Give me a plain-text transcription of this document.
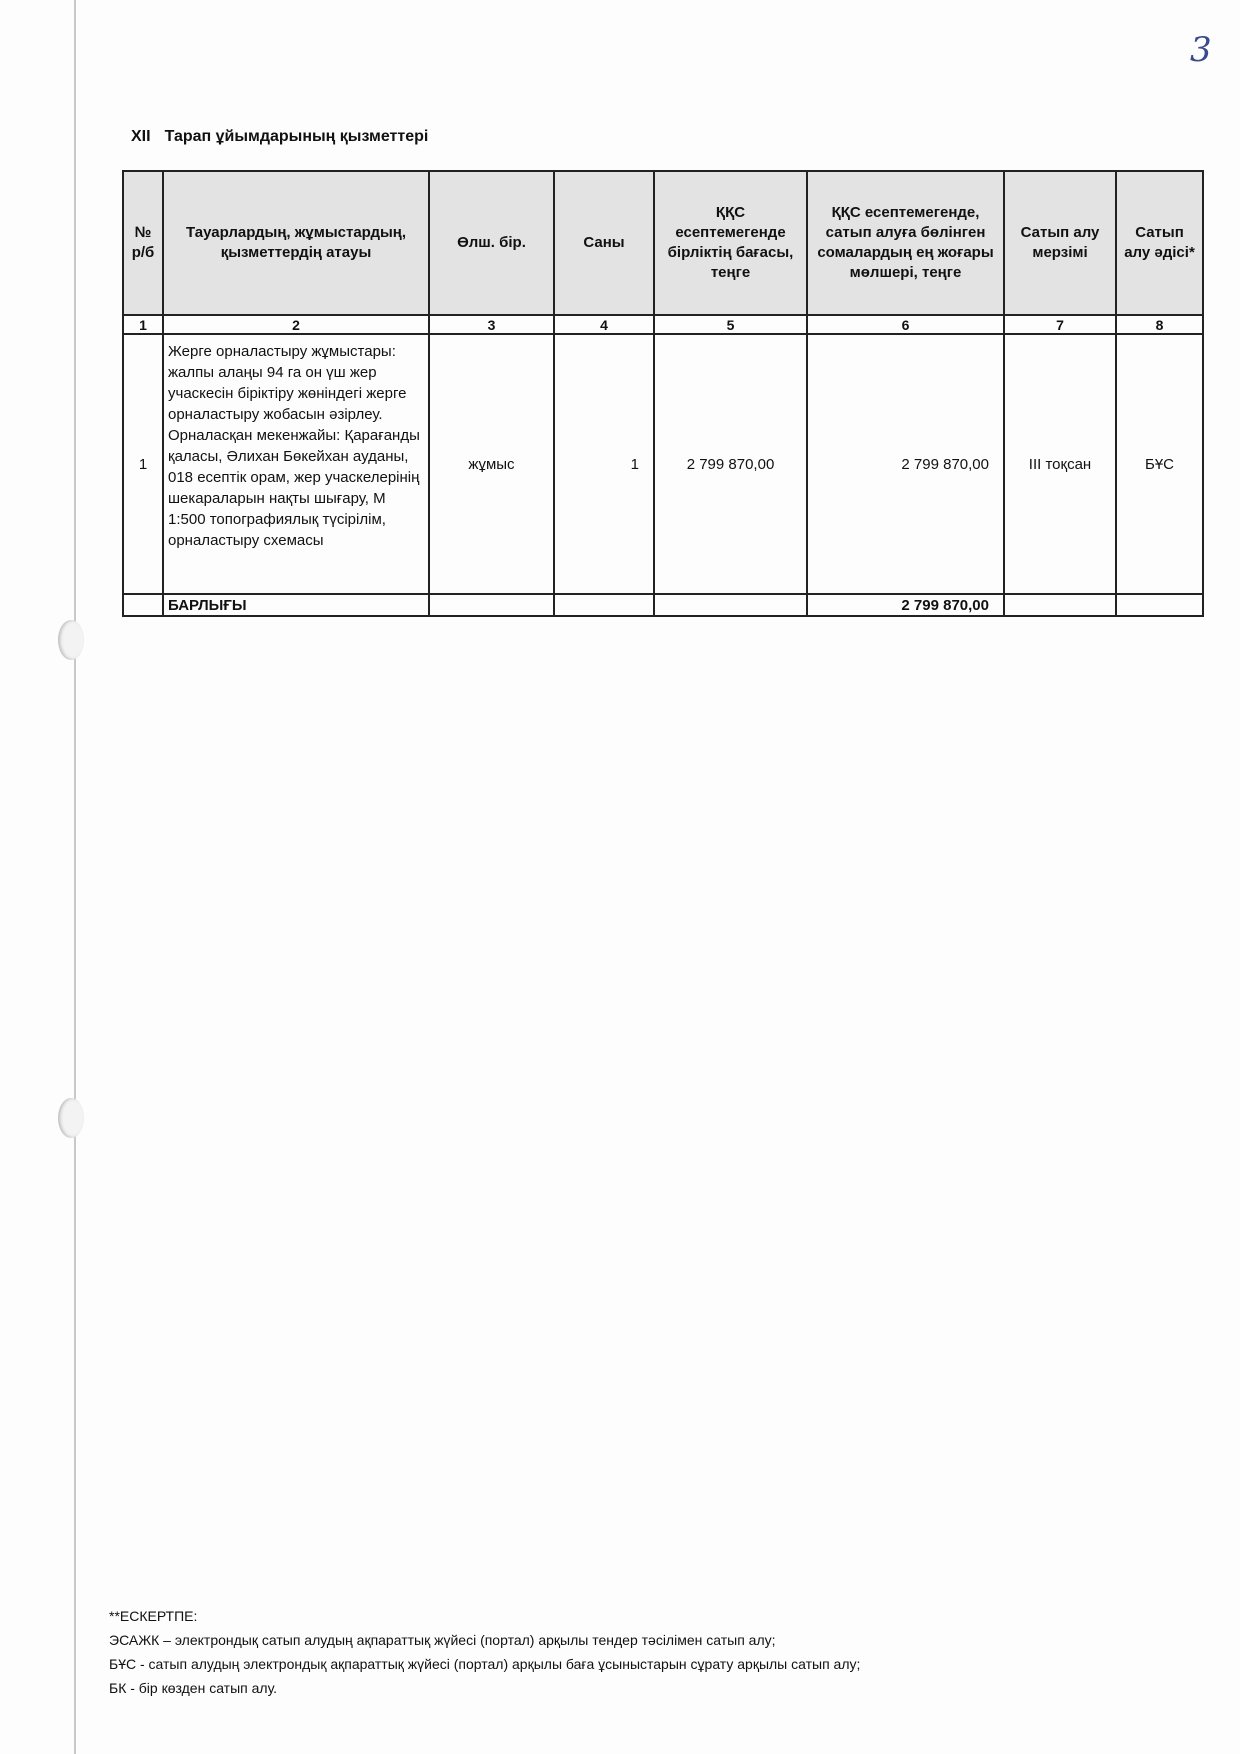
3
XII Тарап ұйымдарының қызметтері
№ р/б	Тауарлардың, жұмыстардың, қызметтердің атауы	Өлш. бір.	Саны	ҚҚС есептемегенде бірліктің бағасы, теңге	ҚҚС есептемегенде, сатып алуға бөлінген сомалардың ең жоғары мөлшері, теңге	Сатып алу мерзімі	Сатып алу әдісі*
1	2	3	4	5	6	7	8
1	Жерге орналастыру жұмыстары: жалпы алаңы 94 га он үш жер учаскесін біріктіру жөніндегі жерге орналастыру жобасын әзірлеу. Орналасқан мекенжайы: Қарағанды қаласы, Әлихан Бөкейхан ауданы, 018 есептік орам, жер учаскелерінің шекараларын нақты шығару, М 1:500 топографиялық түсірілім, орналастыру схемасы	жұмыс	1	2 799 870,00	2 799 870,00	III тоқсан	БҰС
	БАРЛЫҒЫ				2 799 870,00		
**ЕСКЕРТПЕ:
ЭСАЖК – электрондық сатып алудың ақпараттық жүйесі (портал) арқылы тендер тәсілімен сатып алу;
БҰС - сатып алудың электрондық ақпараттық жүйесі (портал) арқылы баға ұсыныстарын сұрату арқылы сатып алу;
БК - бір көзден сатып алу.
